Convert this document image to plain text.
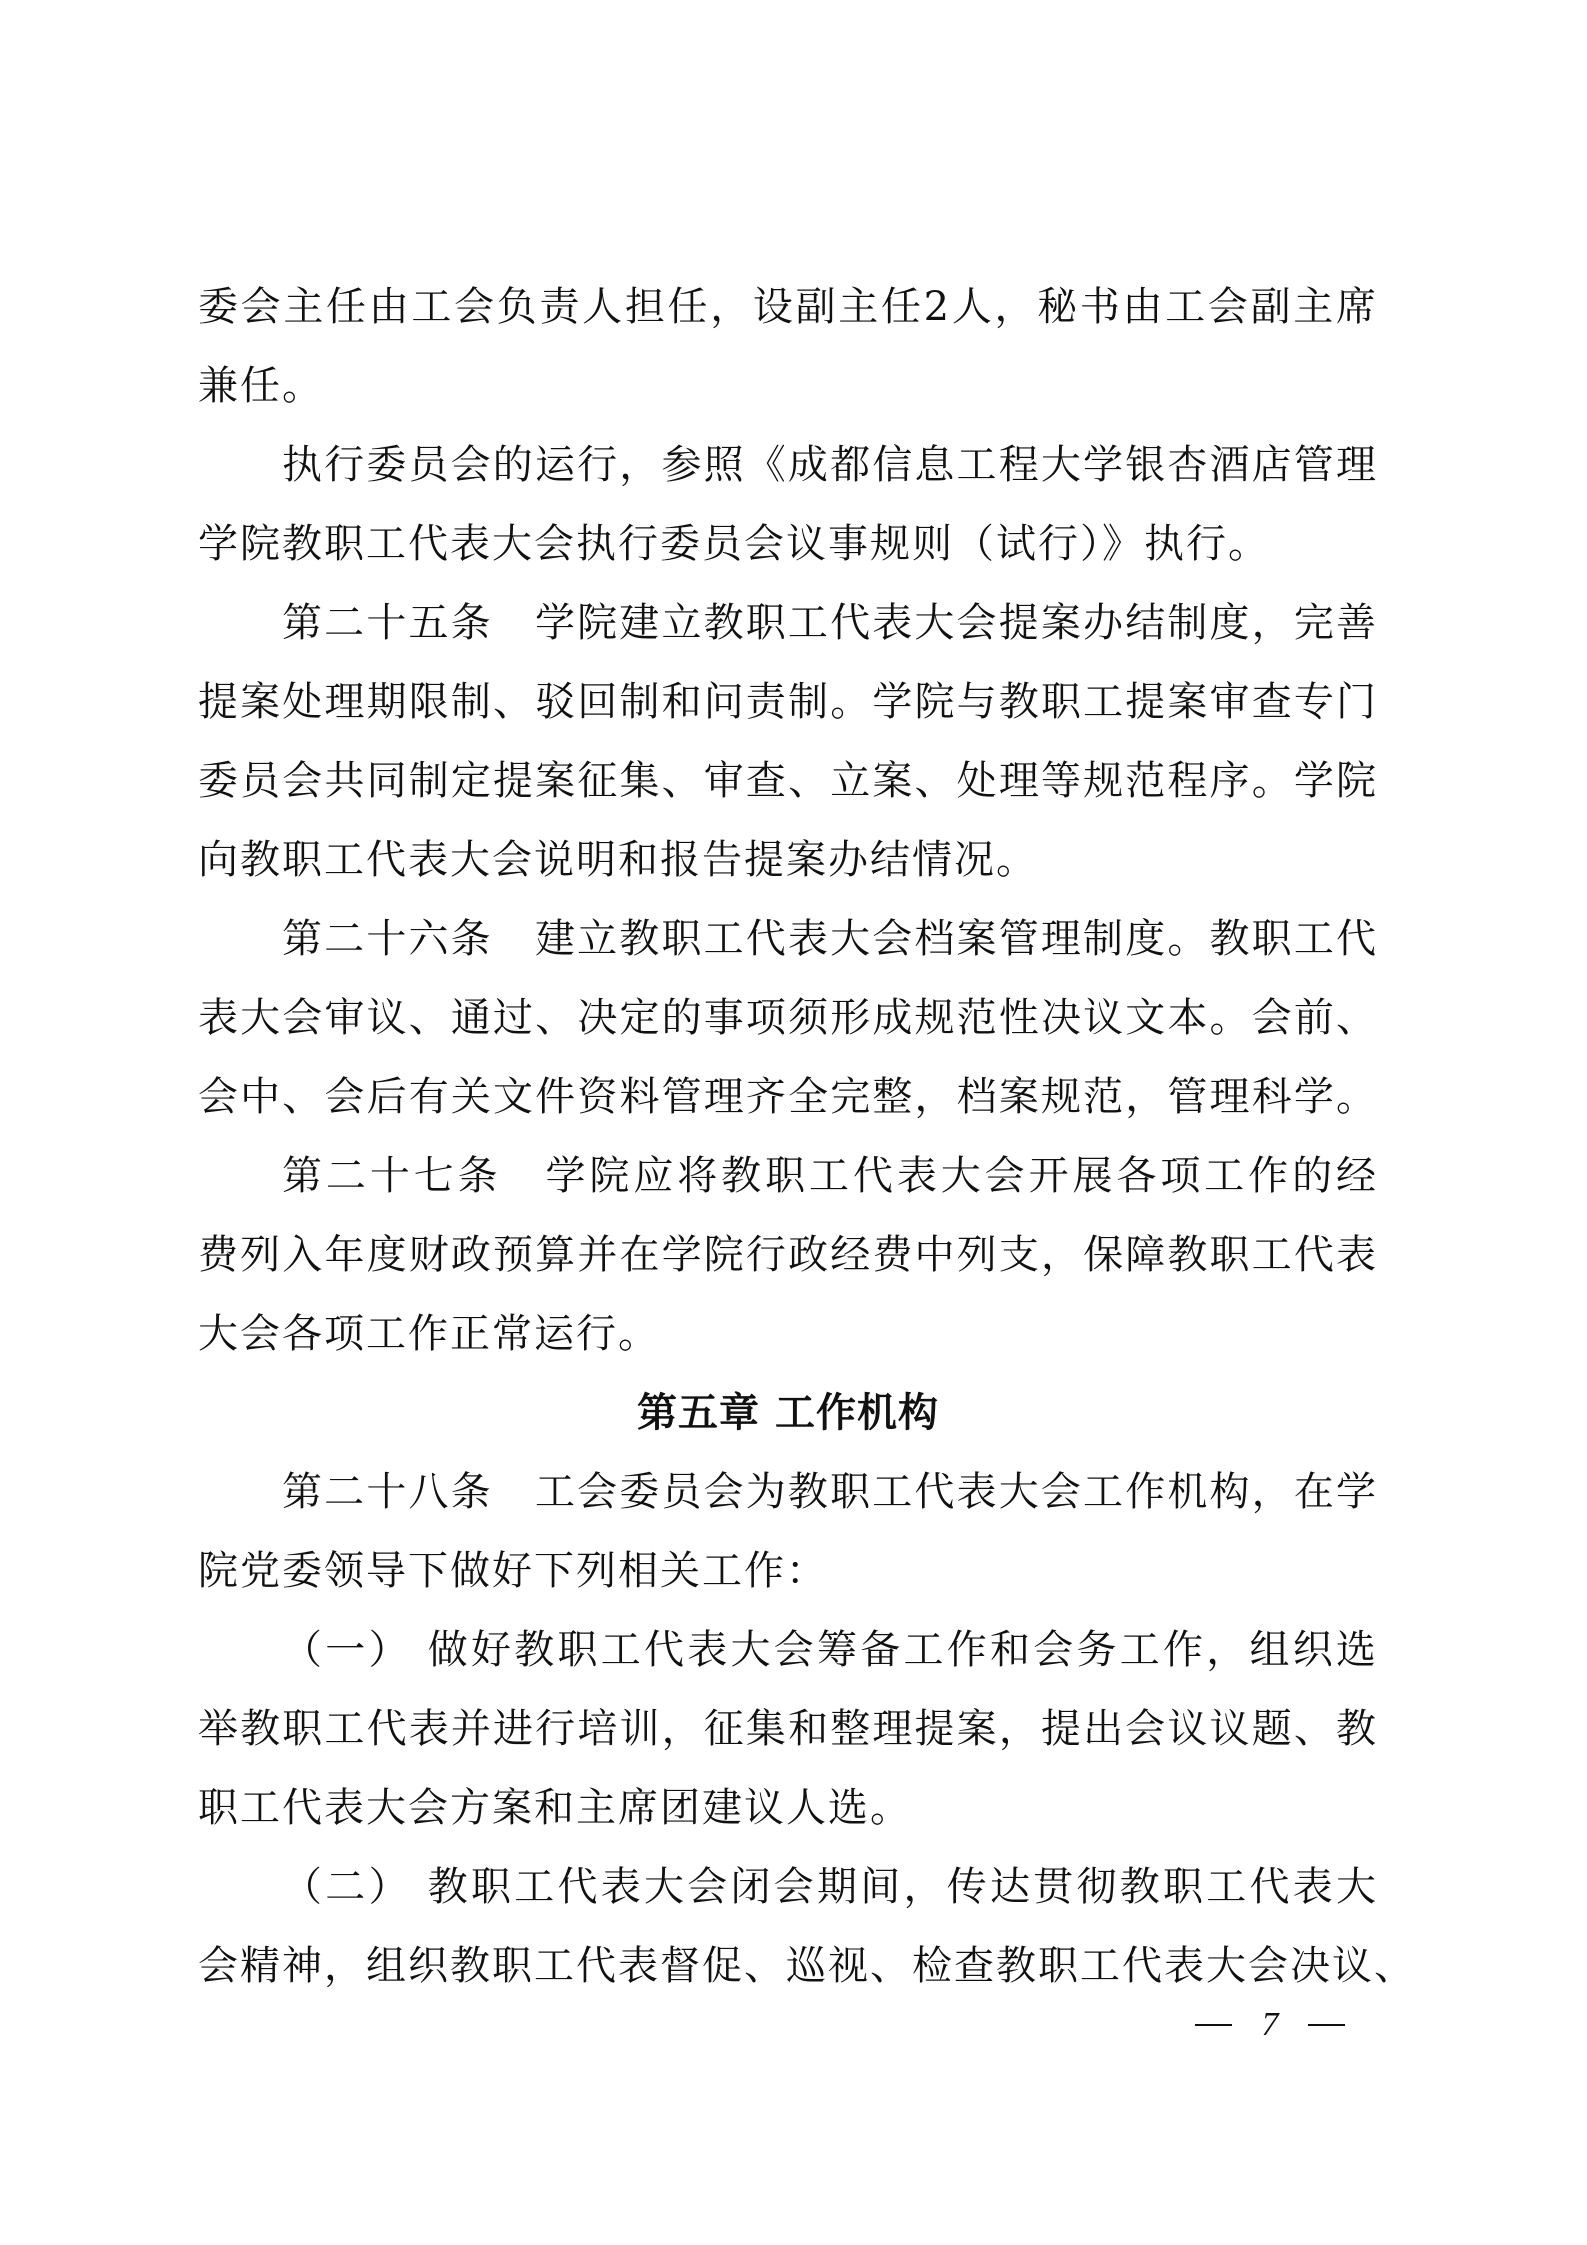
委会主任由工会负责人担任，设副主任2人，秘书由工会副主席
兼任。
执行委员会的运行，参照《成都信息工程大学银杏酒店管理
学院教职工代表大会执行委员会议事规则（试行）》执行。
第二十五条　学院建立教职工代表大会提案办结制度，完善
提案处理期限制、驳回制和问责制。学院与教职工提案审查专门
委员会共同制定提案征集、审查、立案、处理等规范程序。学院
向教职工代表大会说明和报告提案办结情况。
第二十六条　建立教职工代表大会档案管理制度。教职工代
表大会审议、通过、决定的事项须形成规范性决议文本。会前、
会中、会后有关文件资料管理齐全完整，档案规范，管理科学。
第二十七条　学院应将教职工代表大会开展各项工作的经
费列入年度财政预算并在学院行政经费中列支，保障教职工代表
大会各项工作正常运行。
第五章 工作机构
第二十八条　工会委员会为教职工代表大会工作机构，在学
院党委领导下做好下列相关工作：
（一） 做好教职工代表大会筹备工作和会务工作，组织选
举教职工代表并进行培训，征集和整理提案，提出会议议题、教
职工代表大会方案和主席团建议人选。
（二） 教职工代表大会闭会期间，传达贯彻教职工代表大
会精神，组织教职工代表督促、巡视、检查教职工代表大会决议、
7
